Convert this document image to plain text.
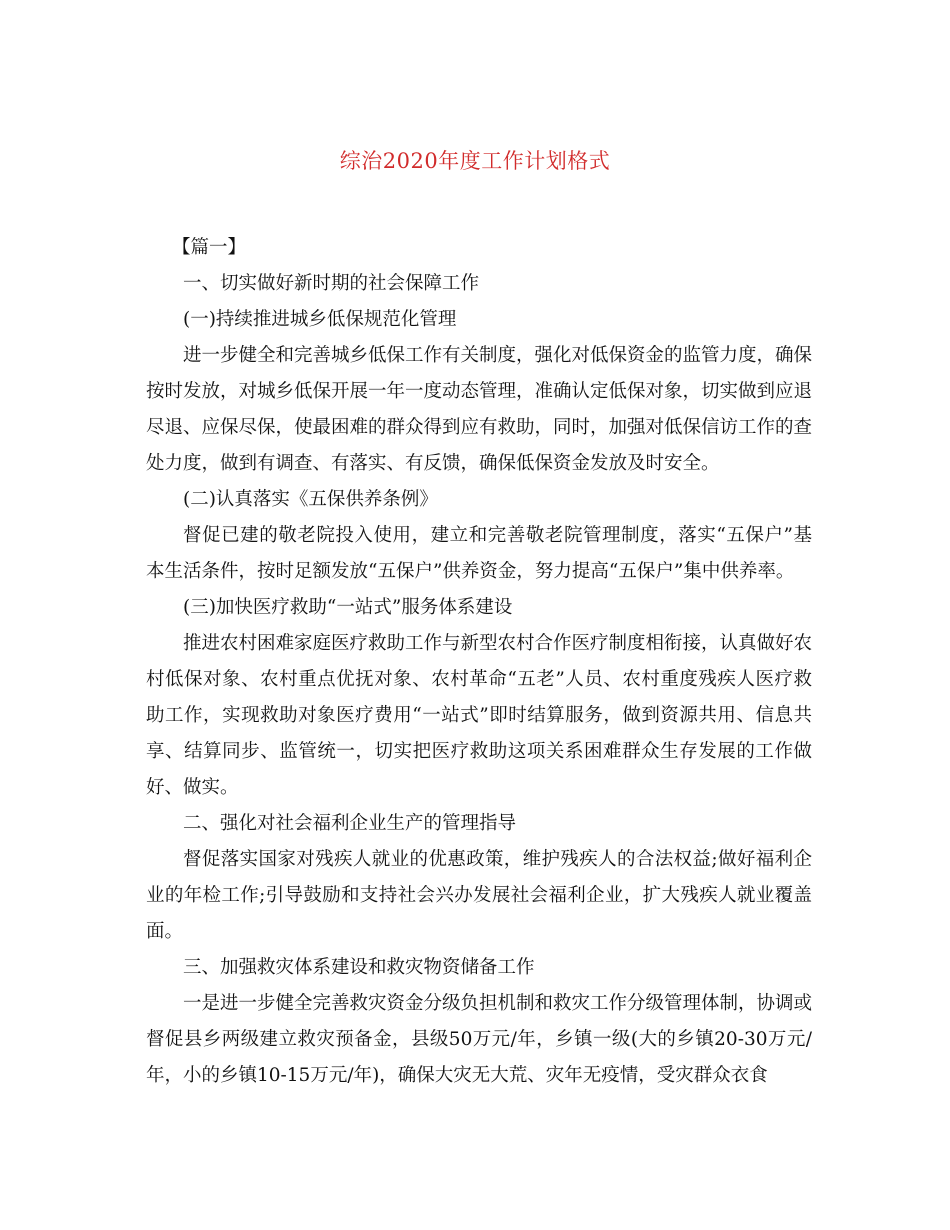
综治2020年度工作计划格式

【篇一】

一、切实做好新时期的社会保障工作

(一)持续推进城乡低保规范化管理

进一步健全和完善城乡低保工作有关制度，强化对低保资金的监管力度，确保按时发放，对城乡低保开展一年一度动态管理，准确认定低保对象，切实做到应退尽退、应保尽保，使最困难的群众得到应有救助，同时，加强对低保信访工作的查处力度，做到有调查、有落实、有反馈，确保低保资金发放及时安全。

(二)认真落实《五保供养条例》

督促已建的敬老院投入使用，建立和完善敬老院管理制度，落实“五保户”基本生活条件，按时足额发放“五保户”供养资金，努力提高“五保户”集中供养率。

(三)加快医疗救助“一站式”服务体系建设

推进农村困难家庭医疗救助工作与新型农村合作医疗制度相衔接，认真做好农村低保对象、农村重点优抚对象、农村革命“五老”人员、农村重度残疾人医疗救助工作，实现救助对象医疗费用“一站式”即时结算服务，做到资源共用、信息共享、结算同步、监管统一，切实把医疗救助这项关系困难群众生存发展的工作做好、做实。

二、强化对社会福利企业生产的管理指导

督促落实国家对残疾人就业的优惠政策，维护残疾人的合法权益;做好福利企业的年检工作;引导鼓励和支持社会兴办发展社会福利企业，扩大残疾人就业覆盖面。

三、加强救灾体系建设和救灾物资储备工作

一是进一步健全完善救灾资金分级负担机制和救灾工作分级管理体制，协调或督促县乡两级建立救灾预备金，县级50万元/年，乡镇一级(大的乡镇20-30万元/年，小的乡镇10-15万元/年)，确保大灾无大荒、灾年无疫情，受灾群众衣食
